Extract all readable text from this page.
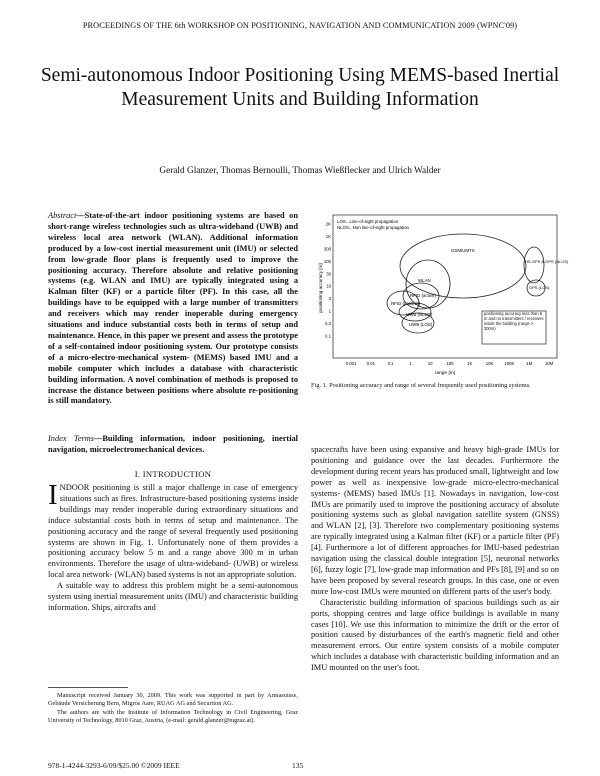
PROCEEDINGS OF THE 6th WORKSHOP ON POSITIONING, NAVIGATION AND COMMUNICATION 2009 (WPNC'09)
Semi-autonomous Indoor Positioning Using MEMS-based Inertial Measurement Units and Building Information
Gerald Glanzer, Thomas Bernoulli, Thomas Wießflecker and Ulrich Walder
Abstract—State-of-the-art indoor positioning systems are based on short-range wireless technologies such as ultra-wideband (UWB) and wireless local area network (WLAN). Additional information produced by a low-cost inertial measurement unit (IMU) or selected from low-grade floor plans is frequently used to improve the positioning accuracy. Therefore absolute and relative positioning systems (e.g. WLAN and IMU) are typically integrated using a Kalman filter (KF) or a particle filter (PF). In this case, all the buildings have to be equipped with a large number of transmitters and receivers which may render inoperable during emergency situations and induce substantial costs both in terms of setup and maintenance. Hence, in this paper we present and assess the prototype of a self-contained indoor positioning system. Our prototype consists of a micro-electro-mechanical system- (MEMS) based IMU and a mobile computer which includes a database with characteristic building information. A novel combination of methods is proposed to increase the distance between positions where absolute re-positioning is still mandatory.
Index Terms—Building information, indoor positioning, inertial navigation, microelectromechanical devices.
I. INTRODUCTION

INDOOR positioning is still a major challenge in case of emergency situations such as fires. Infrastructure-based positioning systems inside buildings may render inoperable during extraordinary situations and induce substantial costs both in terms of setup and maintenance. The positioning accuracy and the range of several frequently used positioning systems are shown in Fig. 1. Unfortunately none of them provides a positioning accuracy below 5 m and a range above 300 m in urban environments. Therefore the usage of ultra-wideband- (UWB) or wireless local area network- (WLAN) based systems is not an appropriate solution.

A suitable way to address this problem might be a semi-autonomous system using inertial measurement units (IMU) and characteristic building information. Ships, aircrafts and

Manuscript received January 30, 2009. This work was supported in part by Armasuisse, Gebäude Versicherung Bern, Migros Aare, RUAG AG and Securiton AG.

The authors are with the Institute of Information Technology in Civil Engineering, Graz University of Technology, 8010 Graz, Austria, (e-mail: gerald.glanzer@tugraz.at).

LOS...Line-of-sight propagation
NLOS...Non line-of-sight propagation
positioning accuracy [m]
2K
1K
300
100
30
10
3
1
0.3
0.1
0.001 0.01	0.1	1	10	100	1K	10K	100K	1M	10M
range [m]
positioning accuracy less than 5 m and no transmitters / receivers inside the building (range > 300m)
GSM/UMTS
WLAN
RFID (active)
RFID (passive)
UWB (NLOS)
UWB (LOS)
HS-GPS A-GPS (NLOS)
GPS (LOS)
Fig. 1. Positioning accuracy and range of several frequently used positioning systems.

spacecrafts have been using expansive and heavy high-grade IMUs for positioning and guidance over the last decades. Furthermore the development during recent years has produced small, lightweight and low power as well as inexpensive low-grade micro-electro-mechanical systems- (MEMS) based IMUs [1]. Nowadays in navigation, low-cost IMUs are primarily used to improve the positioning accuracy of absolute positioning systems such as global navigation satellite system (GNSS) and WLAN [2], [3]. Therefore two complementary positioning systems are typically integrated using a Kalman filter (KF) or a particle filter (PF) [4]. Furthermore a lot of different approaches for IMU-based pedestrian navigation using the classical double integration [5], neuronal networks [6], fuzzy logic [7], low-grade map information and PFs [8], [9] and so on have been proposed by several research groups. In this case, one or even more low-cost IMUs were mounted on different parts of the user's body.

Characteristic building information of spacious buildings such as air ports, shopping centres and large office buildings is available in many cases [10]. We use this information to minimize the drift or the error of position caused by disturbances of the earth's magnetic field and other measurement errors. Our entire system consists of a mobile computer which includes a database with characteristic building information and an IMU mounted on the user's foot.

978-1-4244-3293-6/09/$25.00 ©2009 IEEE	135
